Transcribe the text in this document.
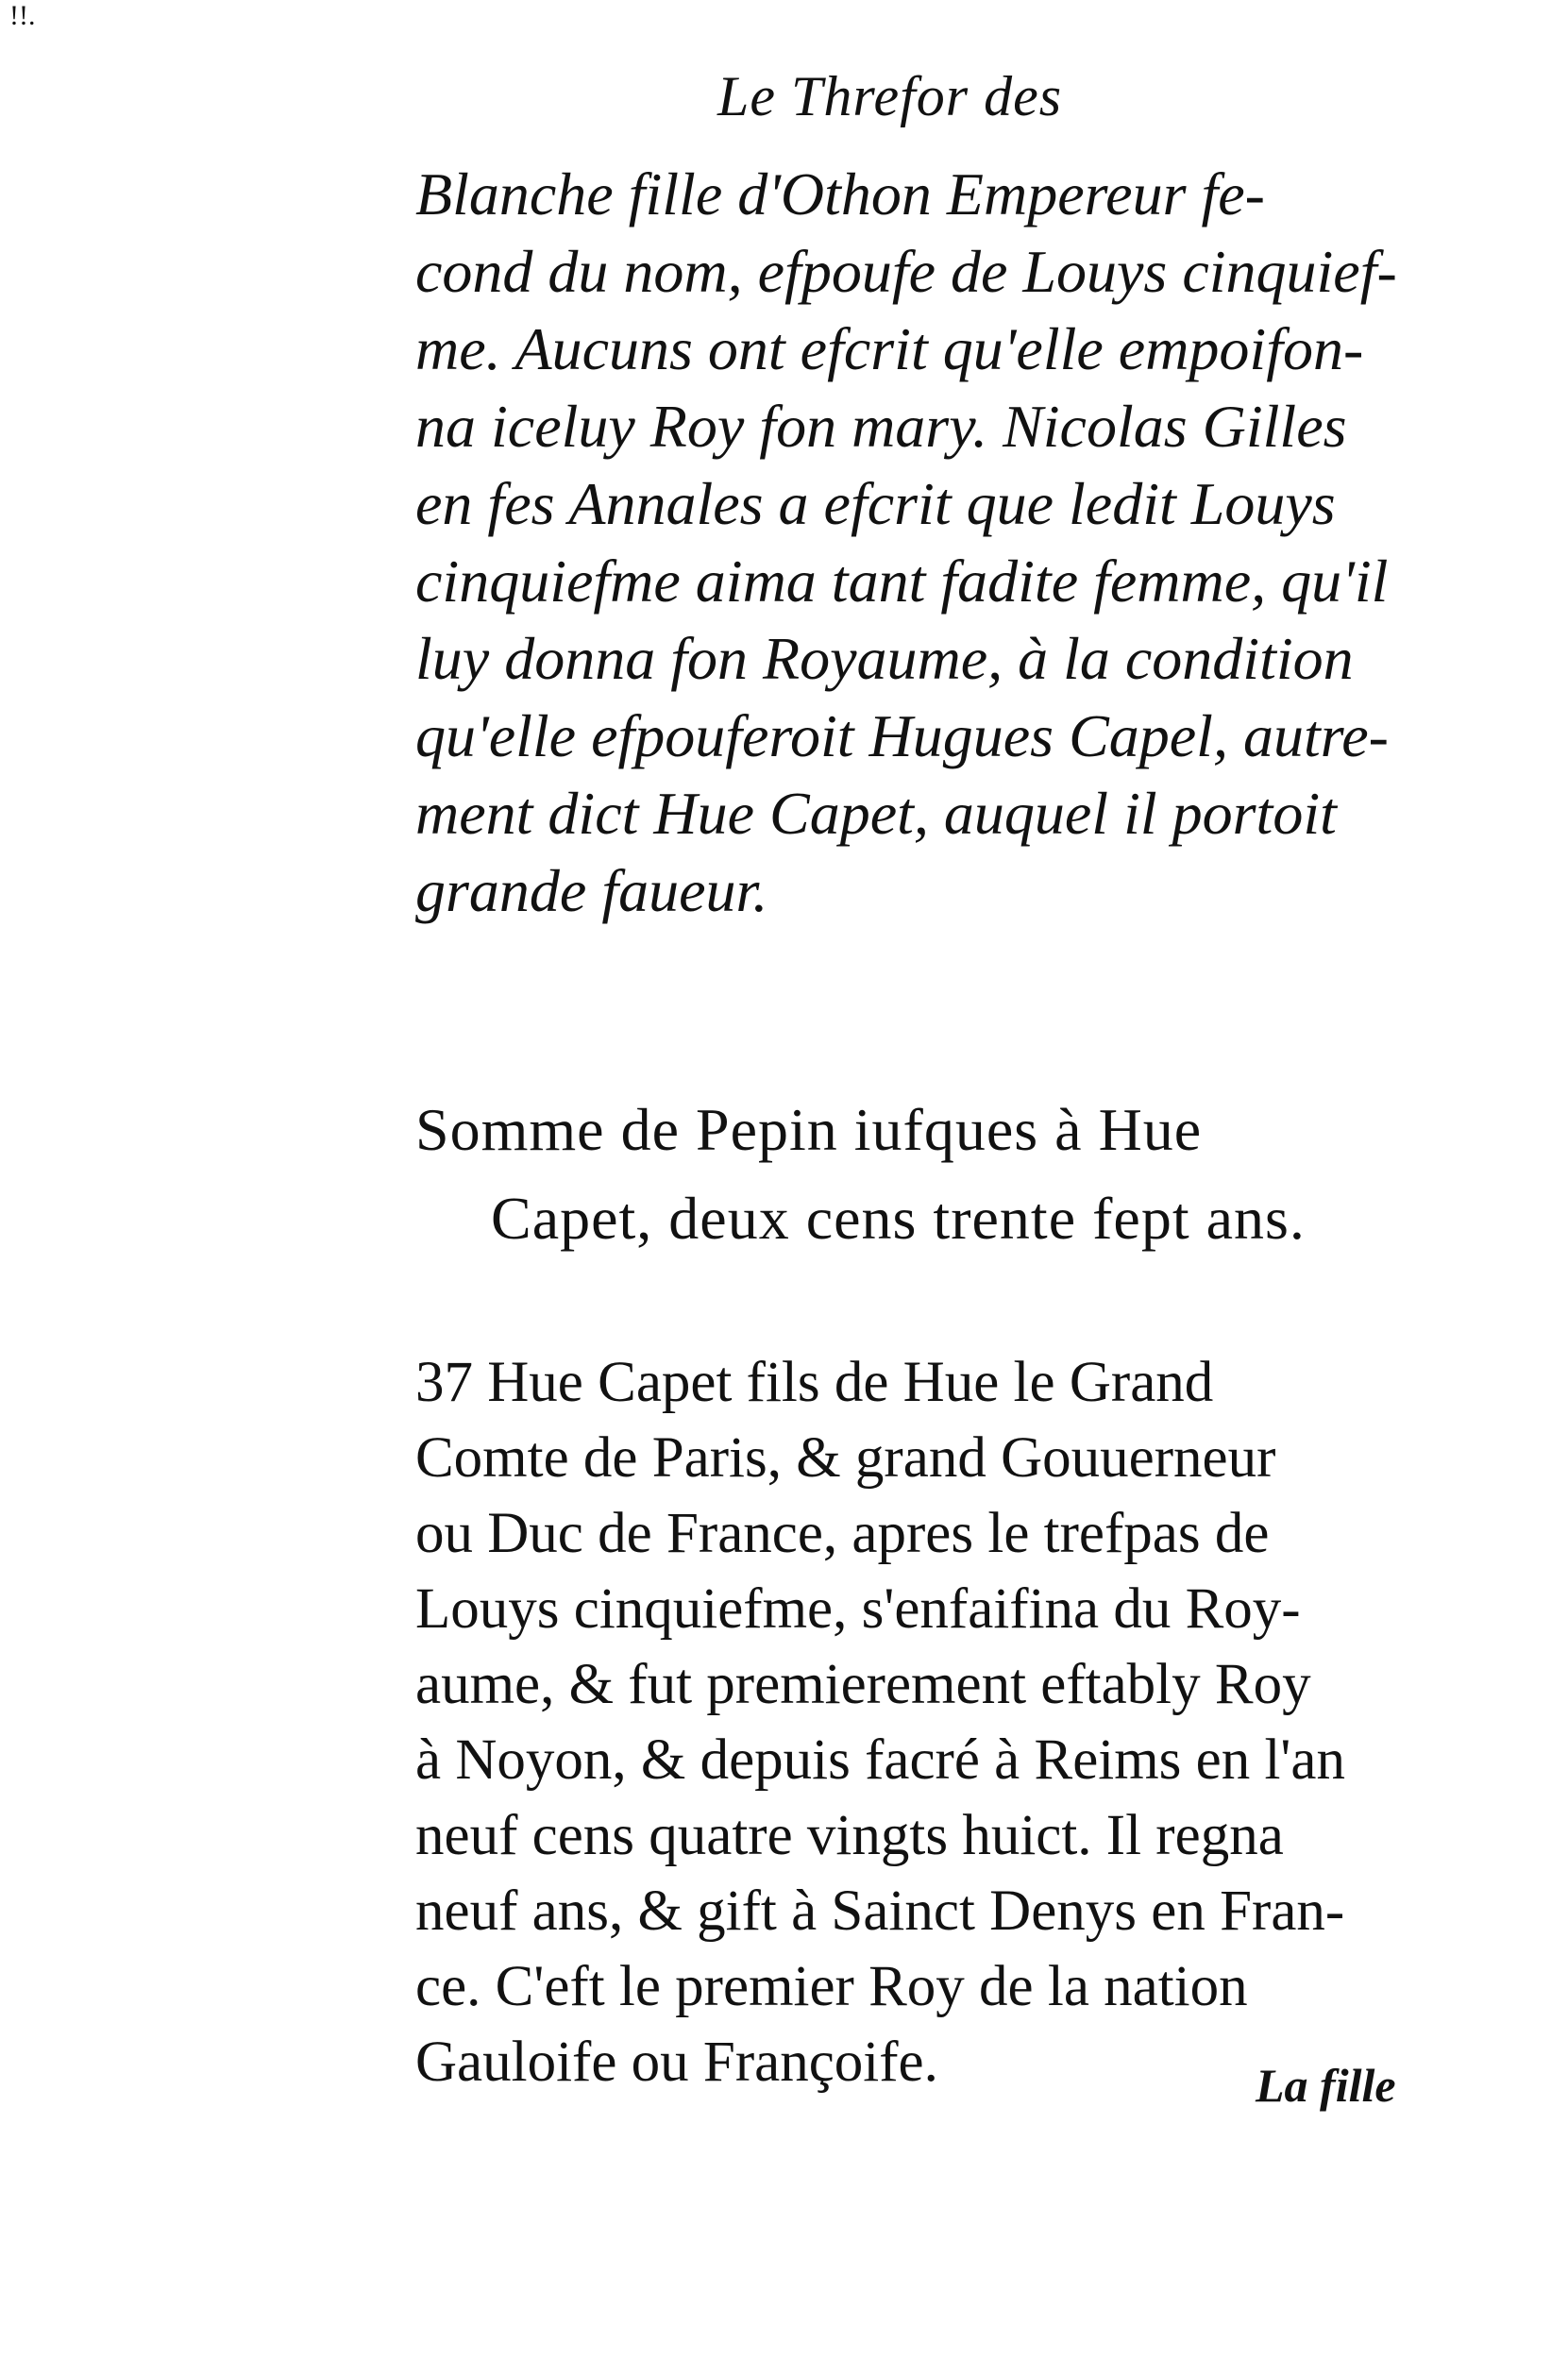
!!.
Le Threfor des
Blanche fille d'Othon Empereur fe-
cond du nom, efpoufe de Louys cinquief-
me. Aucuns ont efcrit qu'elle empoifon-
na iceluy Roy fon mary. Nicolas Gilles
en fes Annales a efcrit que ledit Louys
cinquiefme aima tant fadite femme, qu'il
luy donna fon Royaume, à la condition
qu'elle efpouferoit Hugues Capel, autre-
ment dict Hue Capet, auquel il portoit
grande faueur.
Somme de Pepin iufques à Hue
Capet, deux cens trente fept ans.
37 Hue Capet fils de Hue le Grand
Comte de Paris, & grand Gouuerneur
ou Duc de France, apres le trefpas de
Louys cinquiefme, s'enfaifina du Roy-
aume, & fut premierement eftably Roy
à Noyon, & depuis facré à Reims en l'an
neuf cens quatre vingts huict. Il regna
neuf ans, & gift à Sainct Denys en Fran-
ce. C'eft le premier Roy de la nation
Gauloife ou Françoife.	La fille
